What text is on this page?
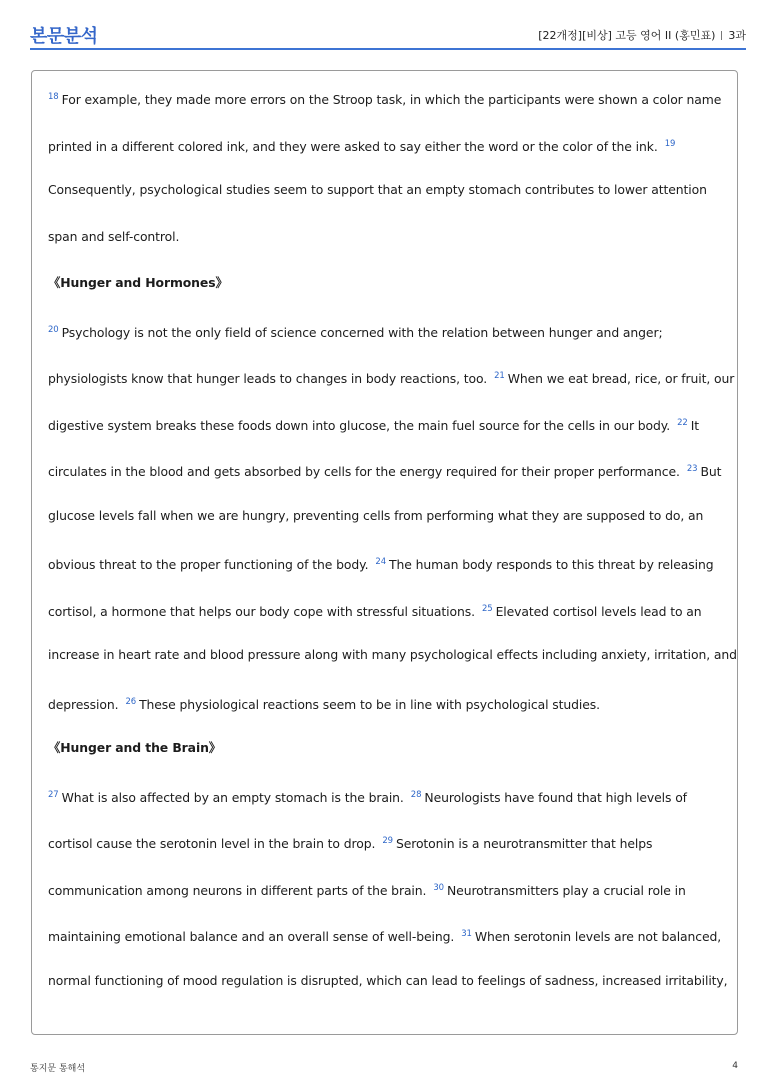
본문분석	[22개정][비상] 고등 영어 II (홍민표) 3과
$^{18}$ For example, they made more errors on the Stroop task, in which the participants were shown a color name
printed in a different colored ink, and they were asked to say either the word or the color of the ink. $^{19}$
Consequently, psychological studies seem to support that an empty stomach contributes to lower attention
span and self-control.
《Hunger and Hormones》
$^{20}$ Psychology is not the only field of science concerned with the relation between hunger and anger;
physiologists know that hunger leads to changes in body reactions, too. $^{21}$ When we eat bread, rice, or fruit, our
digestive system breaks these foods down into glucose, the main fuel source for the cells in our body. $^{22}$ It
circulates in the blood and gets absorbed by cells for the energy required for their proper performance. $^{23}$ But
glucose levels fall when we are hungry, preventing cells from performing what they are supposed to do, an
obvious threat to the proper functioning of the body. $^{24}$ The human body responds to this threat by releasing
cortisol, a hormone that helps our body cope with stressful situations. $^{25}$ Elevated cortisol levels lead to an
increase in heart rate and blood pressure along with many psychological effects including anxiety, irritation, and
depression. $^{26}$ These physiological reactions seem to be in line with psychological studies.
《Hunger and the Brain》
$^{27}$ What is also affected by an empty stomach is the brain. $^{28}$ Neurologists have found that high levels of
cortisol cause the serotonin level in the brain to drop. $^{29}$ Serotonin is a neurotransmitter that helps
communication among neurons in different parts of the brain. $^{30}$ Neurotransmitters play a crucial role in
maintaining emotional balance and an overall sense of well-being. $^{31}$ When serotonin levels are not balanced,
normal functioning of mood regulation is disrupted, which can lead to feelings of sadness, increased irritability,
통지문 통해석	4
